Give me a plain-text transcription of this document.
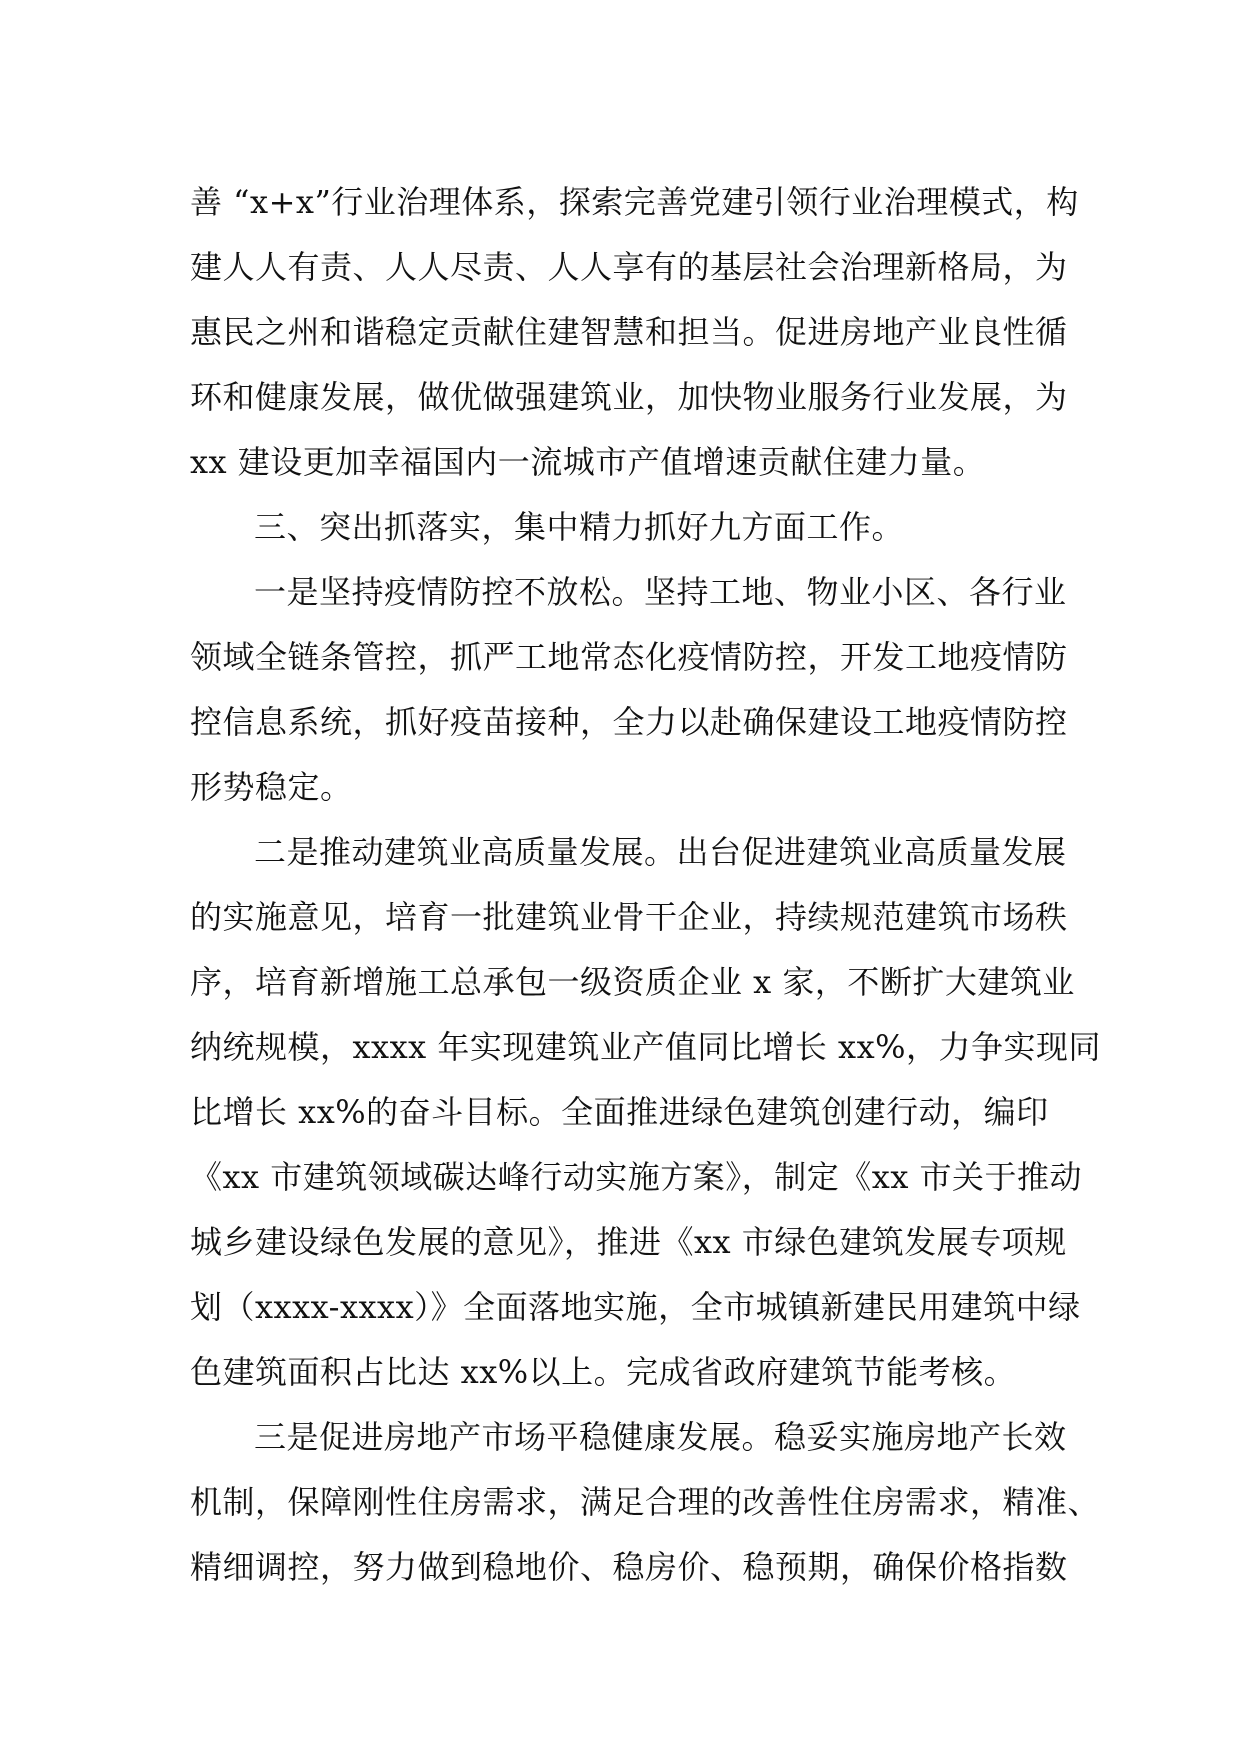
善 “x+x”行业治理体系，探索完善党建引领行业治理模式，构
建人人有责、人人尽责、人人享有的基层社会治理新格局，为
惠民之州和谐稳定贡献住建智慧和担当。促进房地产业良性循
环和健康发展，做优做强建筑业，加快物业服务行业发展，为
xx 建设更加幸福国内一流城市产值增速贡献住建力量。
三、突出抓落实，集中精力抓好九方面工作。
一是坚持疫情防控不放松。坚持工地、物业小区、各行业
领域全链条管控，抓严工地常态化疫情防控，开发工地疫情防
控信息系统，抓好疫苗接种，全力以赴确保建设工地疫情防控
形势稳定。
二是推动建筑业高质量发展。出台促进建筑业高质量发展
的实施意见，培育一批建筑业骨干企业，持续规范建筑市场秩
序，培育新增施工总承包一级资质企业 x 家，不断扩大建筑业
纳统规模，xxxx 年实现建筑业产值同比增长 xx%，力争实现同
比增长 xx%的奋斗目标。全面推进绿色建筑创建行动，编印
《xx 市建筑领域碳达峰行动实施方案》，制定《xx 市关于推动
城乡建设绿色发展的意见》，推进《xx 市绿色建筑发展专项规
划（xxxx-xxxx）》全面落地实施，全市城镇新建民用建筑中绿
色建筑面积占比达 xx%以上。完成省政府建筑节能考核。
三是促进房地产市场平稳健康发展。稳妥实施房地产长效
机制，保障刚性住房需求，满足合理的改善性住房需求，精准、
精细调控，努力做到稳地价、稳房价、稳预期，确保价格指数
